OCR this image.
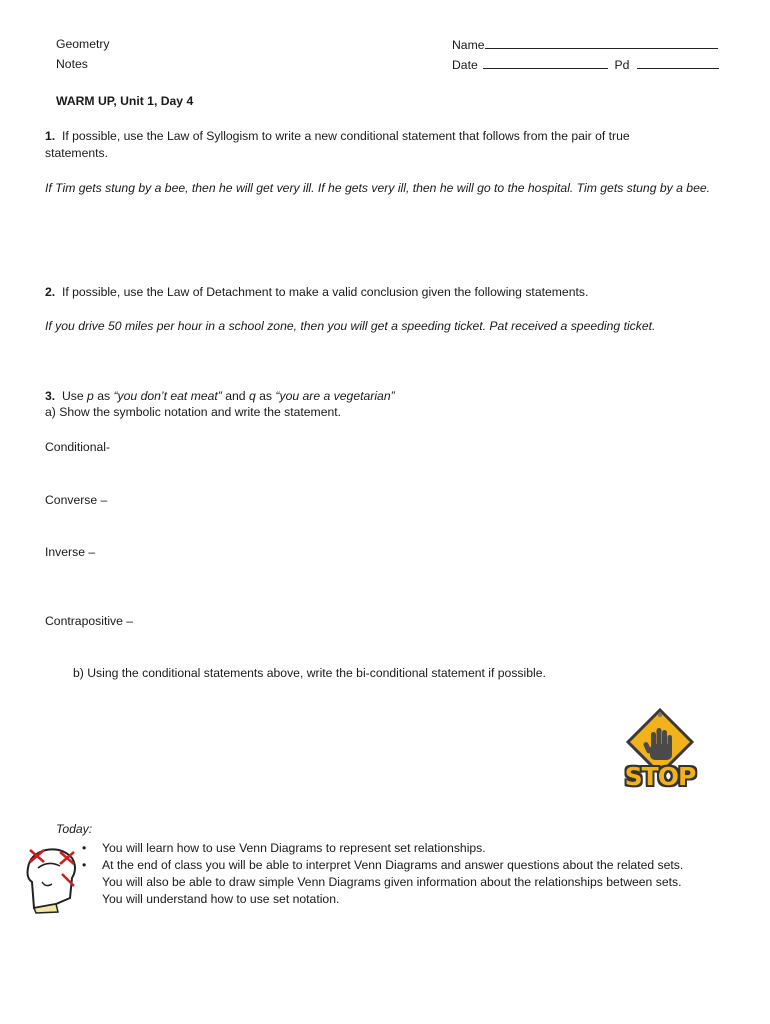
Geometry
Notes
Name
Date	Pd
WARM UP, Unit 1, Day 4
1. If possible, use the Law of Syllogism to write a new conditional statement that follows from the pair of true statements.
If Tim gets stung by a bee, then he will get very ill. If he gets very ill, then he will go to the hospital. Tim gets stung by a bee.
2. If possible, use the Law of Detachment to make a valid conclusion given the following statements.
If you drive 50 miles per hour in a school zone, then you will get a speeding ticket. Pat received a speeding ticket.
3. Use p as “you don’t eat meat” and q as “you are a vegetarian”
a) Show the symbolic notation and write the statement.
Conditional-
Converse –
Inverse –
Contrapositive –
b) Using the conditional statements above, write the bi-conditional statement if possible.
STOP
Today:
• You will learn how to use Venn Diagrams to represent set relationships.
• At the end of class you will be able to interpret Venn Diagrams and answer questions about the related sets.
You will also be able to draw simple Venn Diagrams given information about the relationships between sets.
You will understand how to use set notation.
